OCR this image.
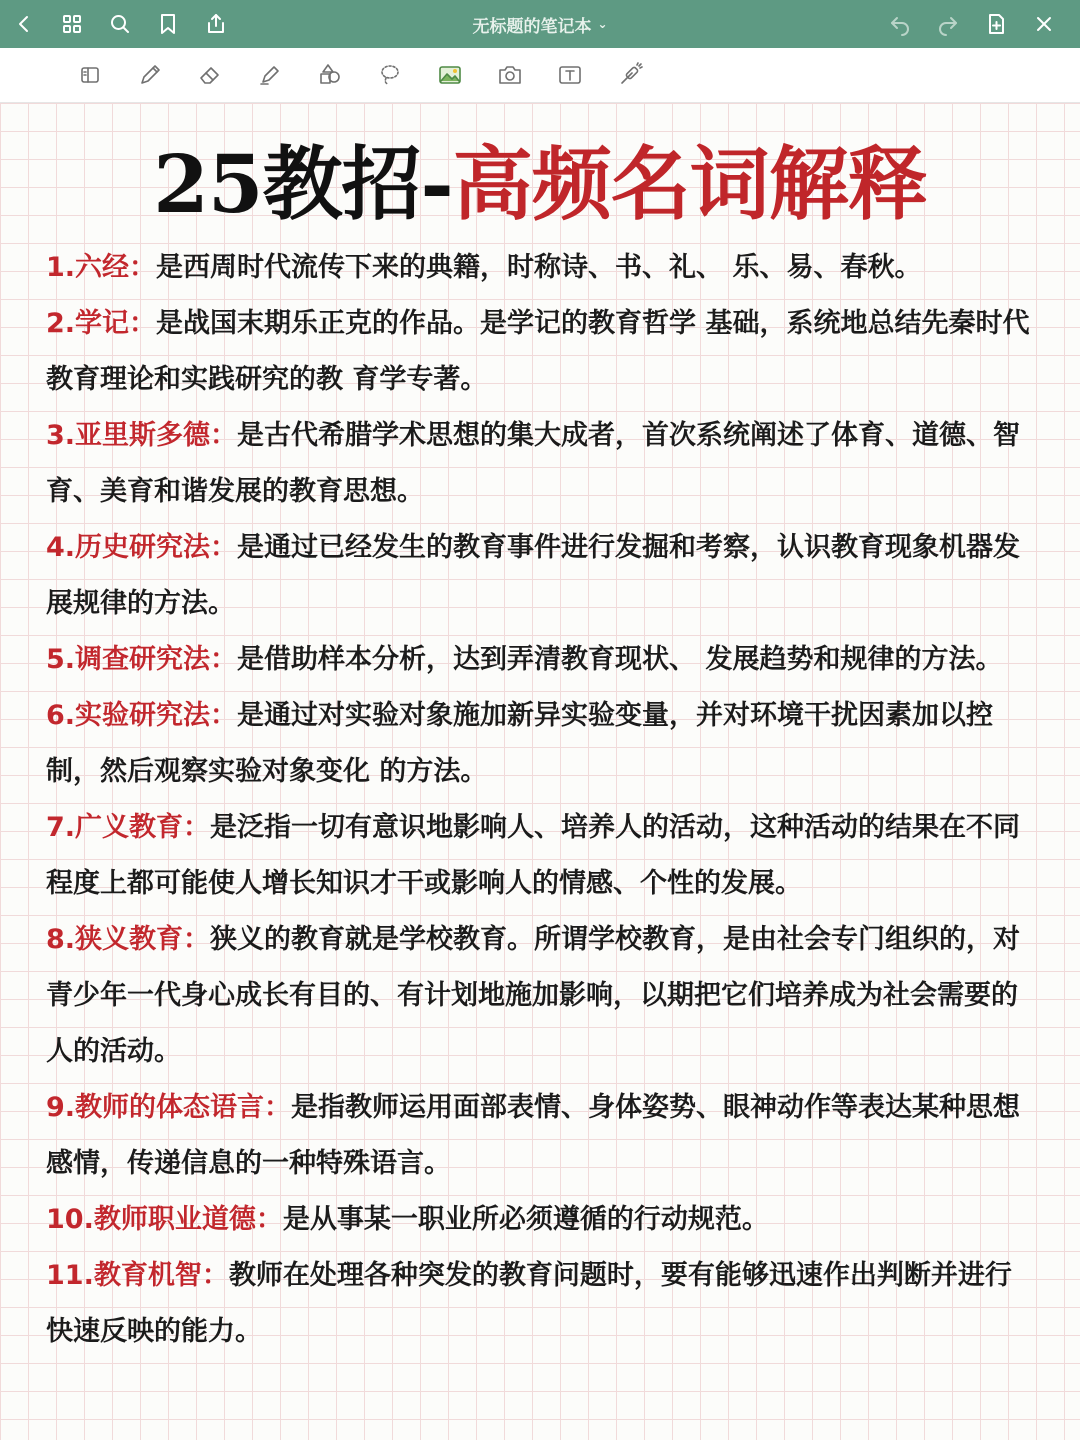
无标题的笔记本 ⌄
25教招-高频名词解释

1.六经：是西周时代流传下来的典籍，时称诗、书、礼、 乐、易、春秋。

2.学记：是战国末期乐正克的作品。是学记的教育哲学 基础，系统地总结先秦时代教育理论和实践研究的教 育学专著。

3.亚里斯多德：是古代希腊学术思想的集大成者，首次系统阐述了体育、道德、智育、美育和谐发展的教育思想。

4.历史研究法：是通过已经发生的教育事件进行发掘和考察，认识教育现象机器发展规律的方法。

5.调查研究法：是借助样本分析，达到弄清教育现状、 发展趋势和规律的方法。

6.实验研究法：是通过对实验对象施加新异实验变量，并对环境干扰因素加以控制，然后观察实验对象变化 的方法。

7.广义教育：是泛指一切有意识地影响人、培养人的活动，这种活动的结果在不同程度上都可能使人增长知识才干或影响人的情感、个性的发展。

8.狭义教育：狭义的教育就是学校教育。所谓学校教育，是由社会专门组织的，对青少年一代身心成长有目的、有计划地施加影响，以期把它们培养成为社会需要的人的活动。

9.教师的体态语言：是指教师运用面部表情、身体姿势、眼神动作等表达某种思想感情，传递信息的一种特殊语言。

10.教师职业道德：是从事某一职业所必须遵循的行动规范。

11.教育机智：教师在处理各种突发的教育问题时，要有能够迅速作出判断并进行快速反映的能力。
